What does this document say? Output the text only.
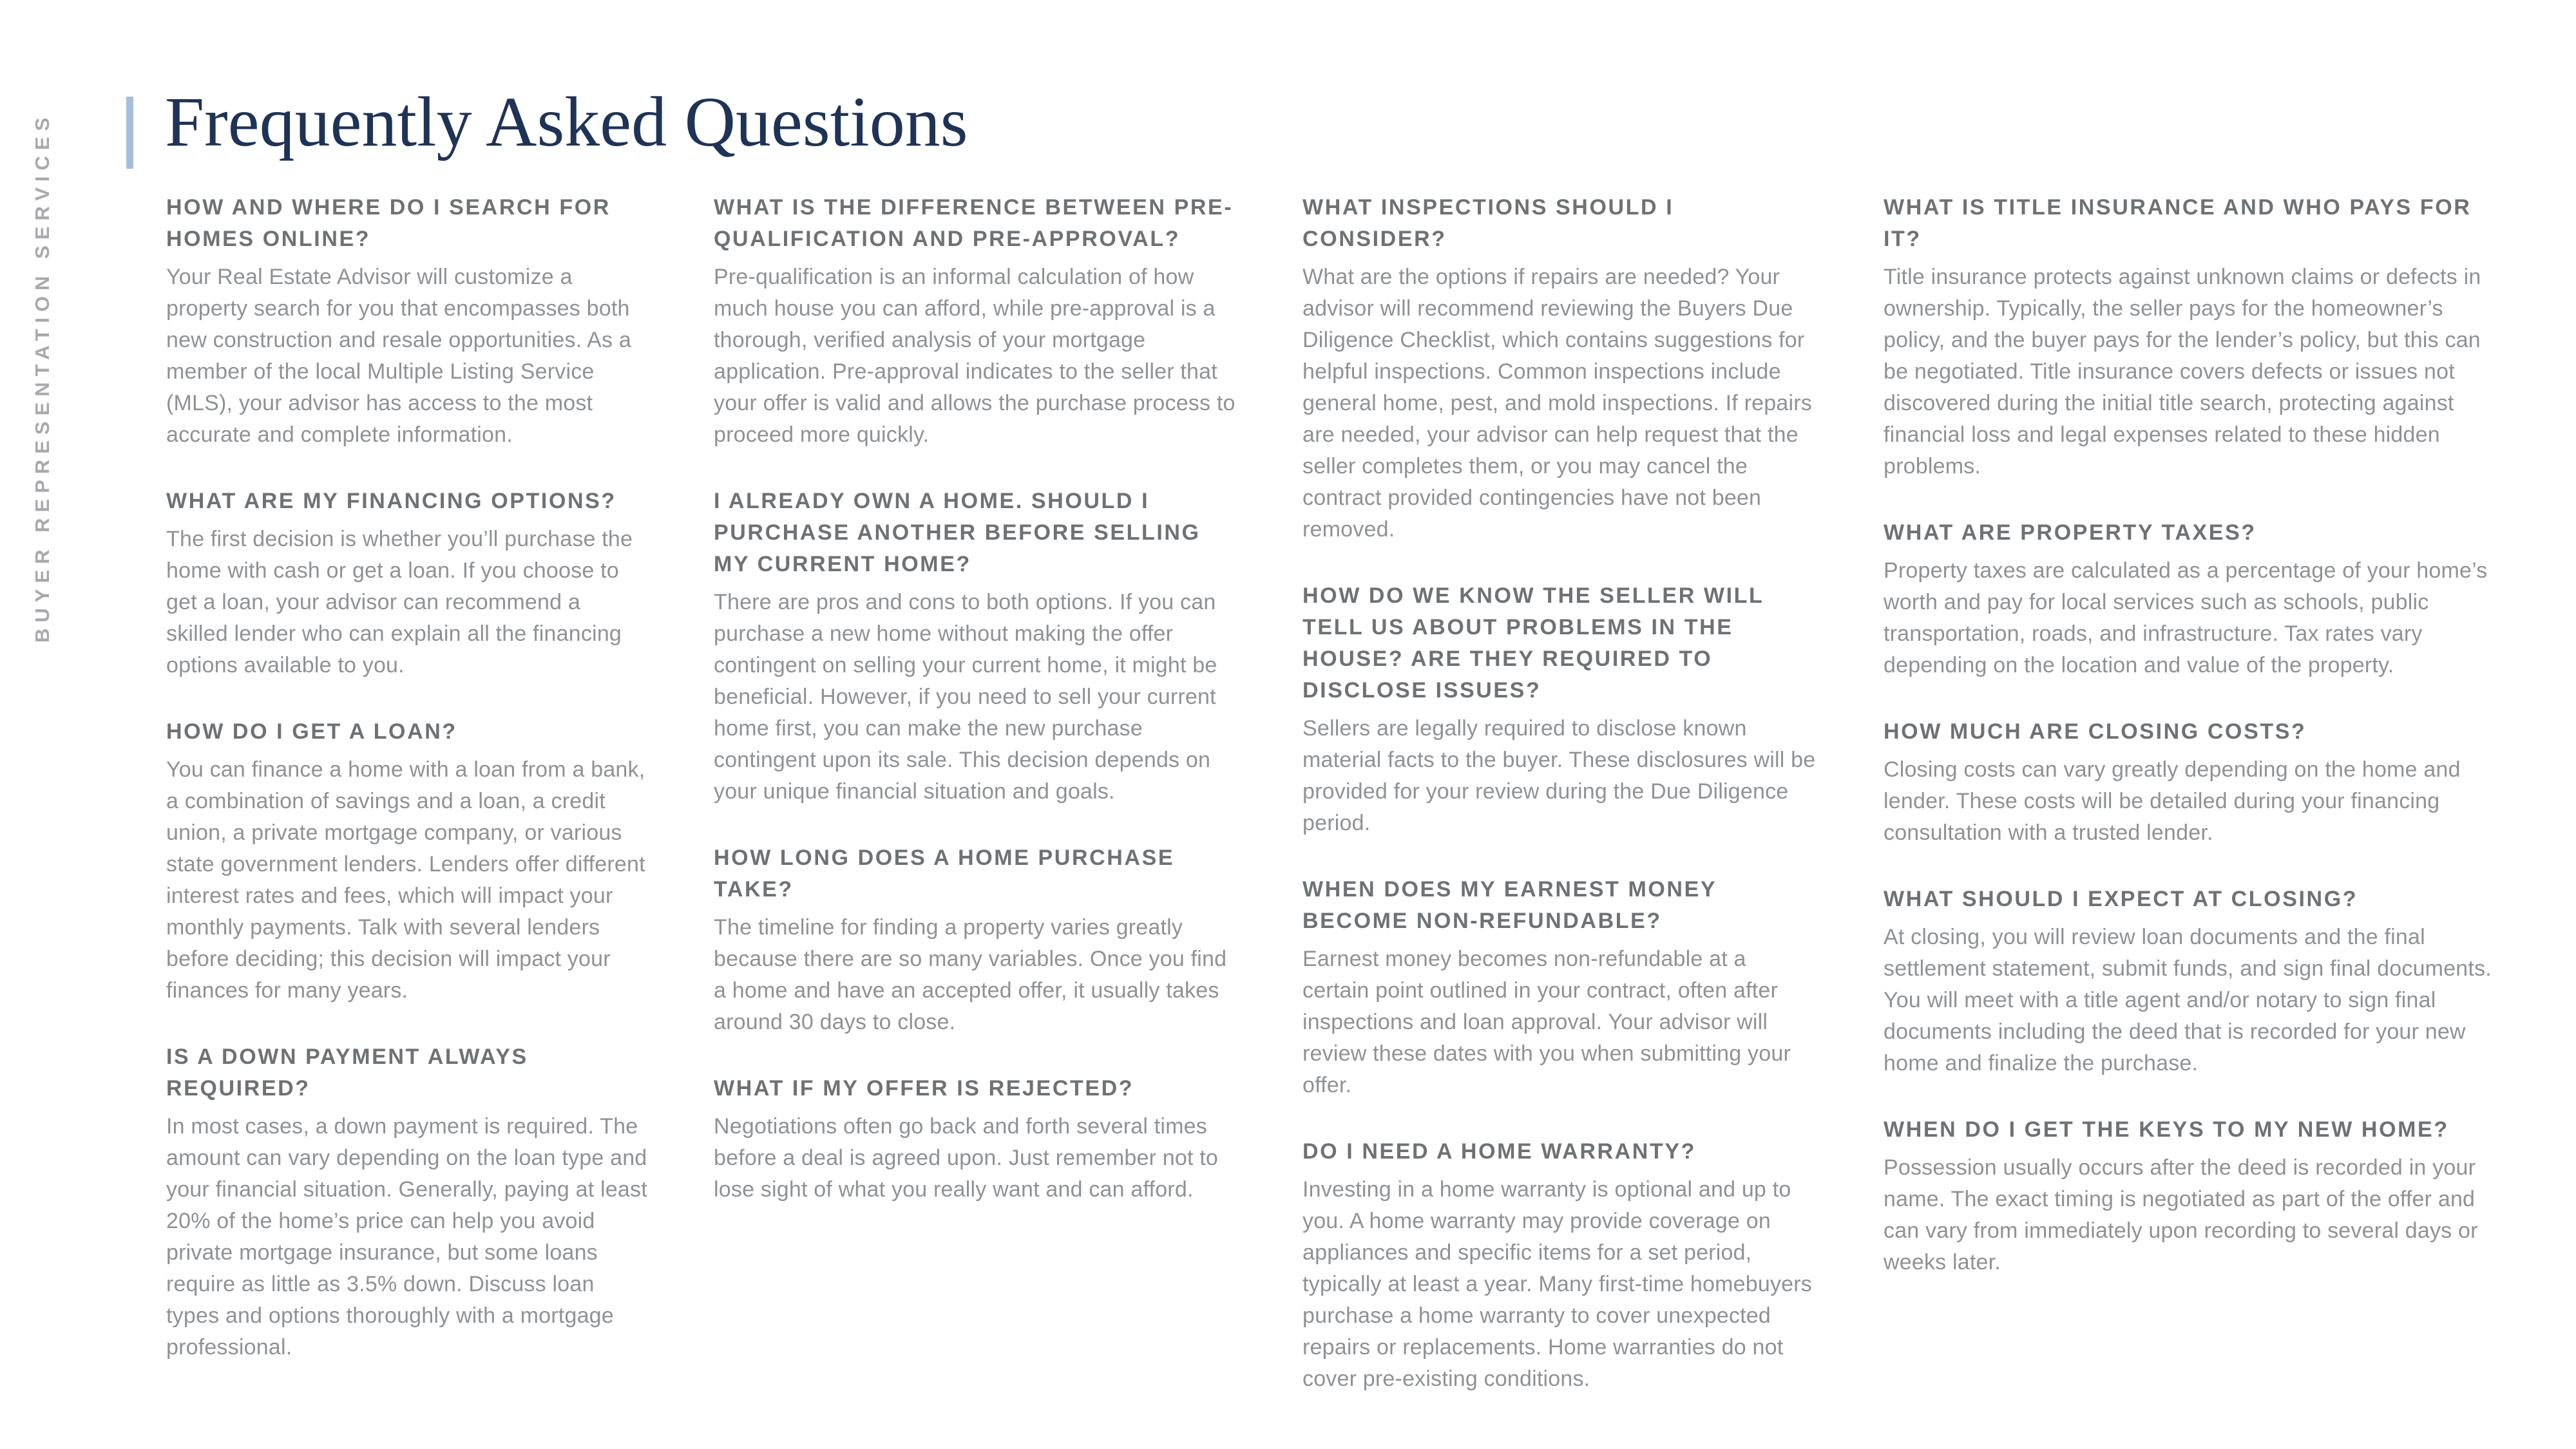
BUYER REPRESENTATION SERVICES Frequently Asked Questions
HOW AND WHERE DO I SEARCH FOR HOMES ONLINE?

Your Real Estate Advisor will customize a property search for you that encompasses both new construction and resale opportunities. As a member of the local Multiple Listing Service (MLS), your advisor has access to the most accurate and complete information.

WHAT ARE MY FINANCING OPTIONS?

The first decision is whether you’ll purchase the home with cash or get a loan. If you choose to get a loan, your advisor can recommend a skilled lender who can explain all the financing options available to you.

HOW DO I GET A LOAN?

You can finance a home with a loan from a bank, a combination of savings and a loan, a credit union, a private mortgage company, or various state government lenders. Lenders offer different interest rates and fees, which will impact your monthly payments. Talk with several lenders before deciding; this decision will impact your finances for many years.

IS A DOWN PAYMENT ALWAYS REQUIRED?

In most cases, a down payment is required. The amount can vary depending on the loan type and your financial situation. Generally, paying at least 20% of the home’s price can help you avoid private mortgage insurance, but some loans require as little as 3.5% down. Discuss loan types and options thoroughly with a mortgage professional.

WHAT IS THE DIFFERENCE BETWEEN PRE-QUALIFICATION AND PRE-APPROVAL?

Pre-qualification is an informal calculation of how much house you can afford, while pre-approval is a thorough, verified analysis of your mortgage application. Pre-approval indicates to the seller that your offer is valid and allows the purchase process to proceed more quickly.

I ALREADY OWN A HOME. SHOULD I PURCHASE ANOTHER BEFORE SELLING MY CURRENT HOME?

There are pros and cons to both options. If you can purchase a new home without making the offer contingent on selling your current home, it might be beneficial. However, if you need to sell your current home first, you can make the new purchase contingent upon its sale. This decision depends on your unique financial situation and goals.

HOW LONG DOES A HOME PURCHASE TAKE?

The timeline for finding a property varies greatly because there are so many variables. Once you find a home and have an accepted offer, it usually takes around 30 days to close.

WHAT IF MY OFFER IS REJECTED?

Negotiations often go back and forth several times before a deal is agreed upon. Just remember not to lose sight of what you really want and can afford.

WHAT INSPECTIONS SHOULD I CONSIDER?

What are the options if repairs are needed? Your advisor will recommend reviewing the Buyers Due Diligence Checklist, which contains suggestions for helpful inspections. Common inspections include general home, pest, and mold inspections. If repairs are needed, your advisor can help request that the seller completes them, or you may cancel the contract provided contingencies have not been removed.

HOW DO WE KNOW THE SELLER WILL TELL US ABOUT PROBLEMS IN THE HOUSE? ARE THEY REQUIRED TO DISCLOSE ISSUES?

Sellers are legally required to disclose known material facts to the buyer. These disclosures will be provided for your review during the Due Diligence period.

WHEN DOES MY EARNEST MONEY BECOME NON-REFUNDABLE?

Earnest money becomes non-refundable at a certain point outlined in your contract, often after inspections and loan approval. Your advisor will review these dates with you when submitting your offer.

DO I NEED A HOME WARRANTY?

Investing in a home warranty is optional and up to you. A home warranty may provide coverage on appliances and specific items for a set period, typically at least a year. Many first-time homebuyers purchase a home warranty to cover unexpected repairs or replacements. Home warranties do not cover pre-existing conditions.

WHAT IS TITLE INSURANCE AND WHO PAYS FOR IT?

Title insurance protects against unknown claims or defects in ownership. Typically, the seller pays for the homeowner’s policy, and the buyer pays for the lender’s policy, but this can be negotiated. Title insurance covers defects or issues not discovered during the initial title search, protecting against financial loss and legal expenses related to these hidden problems.

WHAT ARE PROPERTY TAXES?

Property taxes are calculated as a percentage of your home’s worth and pay for local services such as schools, public transportation, roads, and infrastructure. Tax rates vary depending on the location and value of the property.

HOW MUCH ARE CLOSING COSTS?

Closing costs can vary greatly depending on the home and lender. These costs will be detailed during your financing consultation with a trusted lender.

WHAT SHOULD I EXPECT AT CLOSING?

At closing, you will review loan documents and the final settlement statement, submit funds, and sign final documents. You will meet with a title agent and/or notary to sign final documents including the deed that is recorded for your new home and finalize the purchase.

WHEN DO I GET THE KEYS TO MY NEW HOME?

Possession usually occurs after the deed is recorded in your name. The exact timing is negotiated as part of the offer and can vary from immediately upon recording to several days or weeks later.
